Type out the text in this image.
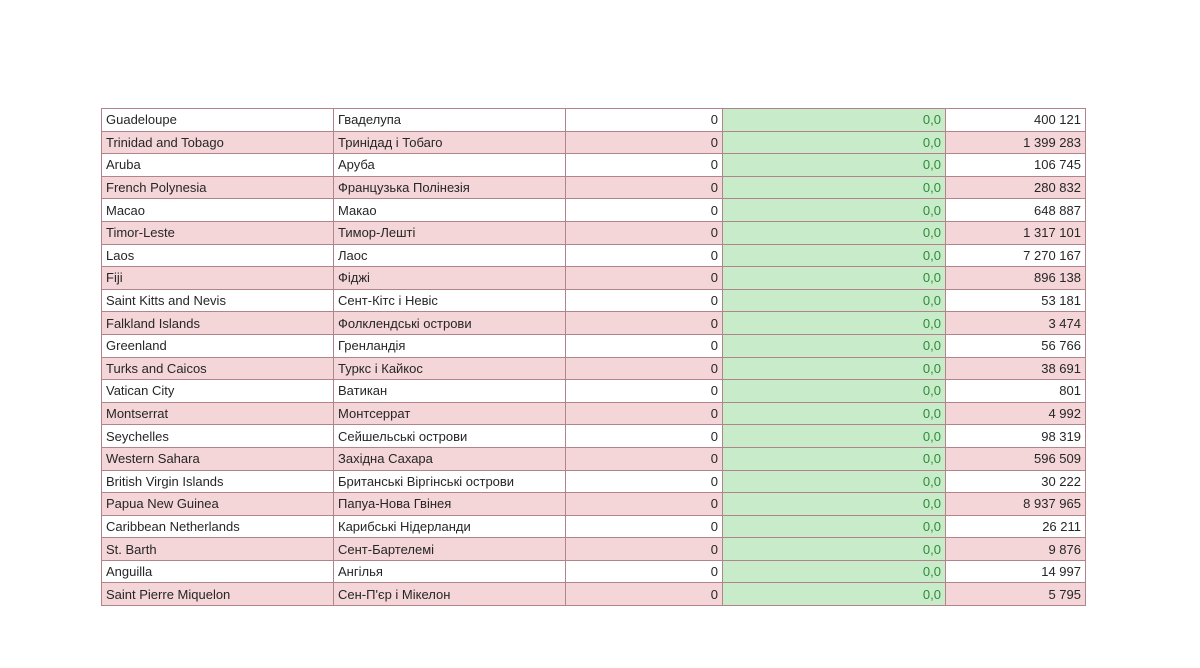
Guadeloupe	Гваделупа	0	0,0	400 121
Trinidad and Tobago	Тринідад і Тобаго	0	0,0	1 399 283
Aruba	Аруба	0	0,0	106 745
French Polynesia	Французька Полінезія	0	0,0	280 832
Macao	Макао	0	0,0	648 887
Timor-Leste	Тимор-Лешті	0	0,0	1 317 101
Laos	Лаос	0	0,0	7 270 167
Fiji	Фіджі	0	0,0	896 138
Saint Kitts and Nevis	Сент-Кітс і Невіс	0	0,0	53 181
Falkland Islands	Фолклендські острови	0	0,0	3 474
Greenland	Гренландія	0	0,0	56 766
Turks and Caicos	Туркс і Кайкос	0	0,0	38 691
Vatican City	Ватикан	0	0,0	801
Montserrat	Монтсеррат	0	0,0	4 992
Seychelles	Сейшельські острови	0	0,0	98 319
Western Sahara	Західна Сахара	0	0,0	596 509
British Virgin Islands	Британські Віргінські острови	0	0,0	30 222
Papua New Guinea	Папуа-Нова Гвінея	0	0,0	8 937 965
Caribbean Netherlands	Карибські Нідерланди	0	0,0	26 211
St. Barth	Сент-Бартелемі	0	0,0	9 876
Anguilla	Ангілья	0	0,0	14 997
Saint Pierre Miquelon	Сен-П'єр і Мікелон	0	0,0	5 795
